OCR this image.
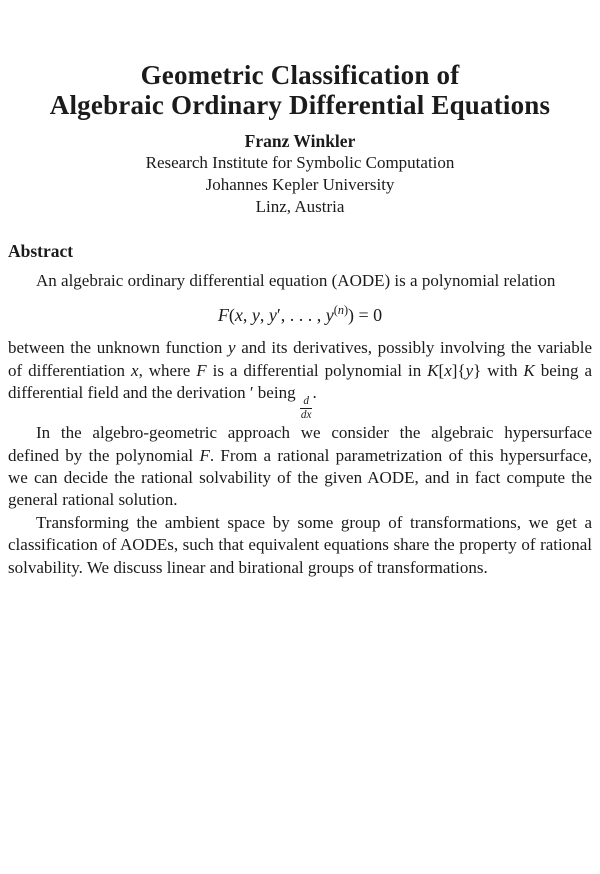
Geometric Classification of
Algebraic Ordinary Differential Equations
Franz Winkler
Research Institute for Symbolic Computation
Johannes Kepler University
Linz, Austria
Abstract

An algebraic ordinary differential equation (AODE) is a polynomial relation

F(x, y, y′, . . . , $y^{(n)}) = 0$

between the unknown function y and its derivatives, possibly involving the variable of differentiation x, where F is a differential polynomial in K[x]{y} with K being a differential field and the derivation ′ being
$\frac{d}{dx}$
.

In the algebro-geometric approach we consider the algebraic hypersurface defined by the polynomial F. From a rational parametrization of this hypersurface, we can decide the rational solvability of the given AODE, and in fact compute the general rational solution.

Transforming the ambient space by some group of transformations, we get a classification of AODEs, such that equivalent equations share the property of rational solvability. We discuss linear and birational groups of transformations.
